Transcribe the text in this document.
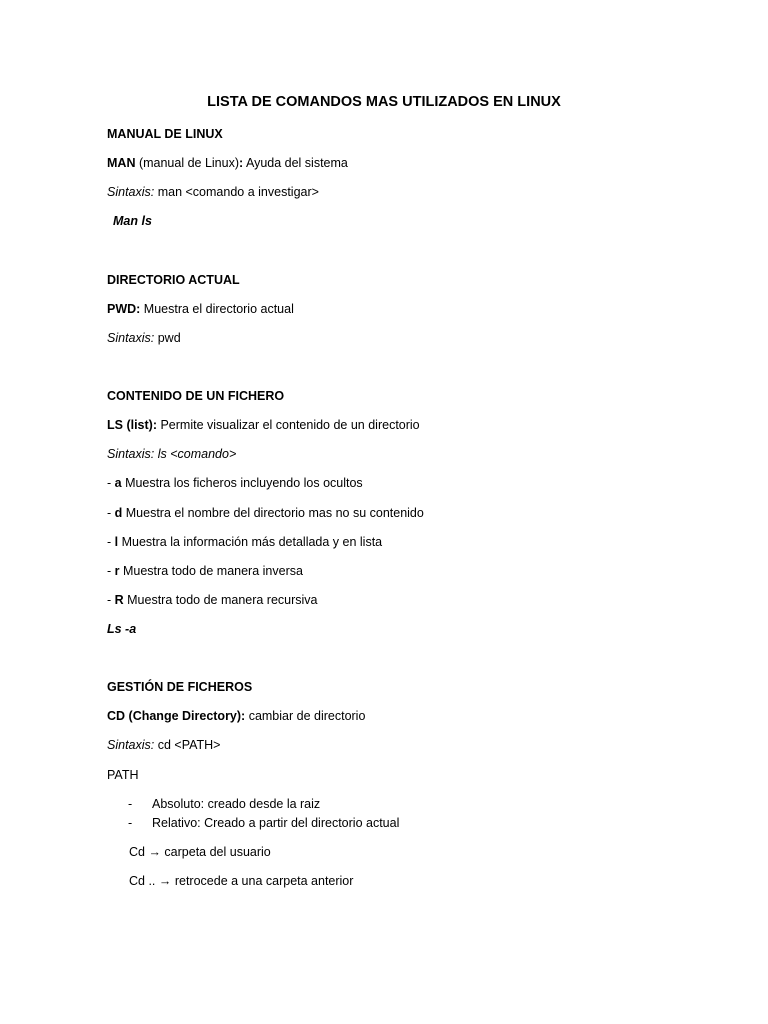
LISTA DE COMANDOS MAS UTILIZADOS EN LINUX
MANUAL DE LINUX
MAN (manual de Linux): Ayuda del sistema
Sintaxis: man <comando a investigar>
Man ls
DIRECTORIO ACTUAL
PWD: Muestra el directorio actual
Sintaxis: pwd
CONTENIDO DE UN FICHERO
LS (list): Permite visualizar el contenido de un directorio
Sintaxis: ls <comando>
- a Muestra los ficheros incluyendo los ocultos
- d Muestra el nombre del directorio mas no su contenido
- l Muestra la información más detallada y en lista
- r Muestra todo de manera inversa
- R Muestra todo de manera recursiva
Ls -a
GESTIÓN DE FICHEROS
CD (Change Directory): cambiar de directorio
Sintaxis: cd <PATH>
PATH
- Absoluto: creado desde la raiz
- Relativo: Creado a partir del directorio actual
Cd → carpeta del usuario
Cd .. → retrocede a una carpeta anterior
